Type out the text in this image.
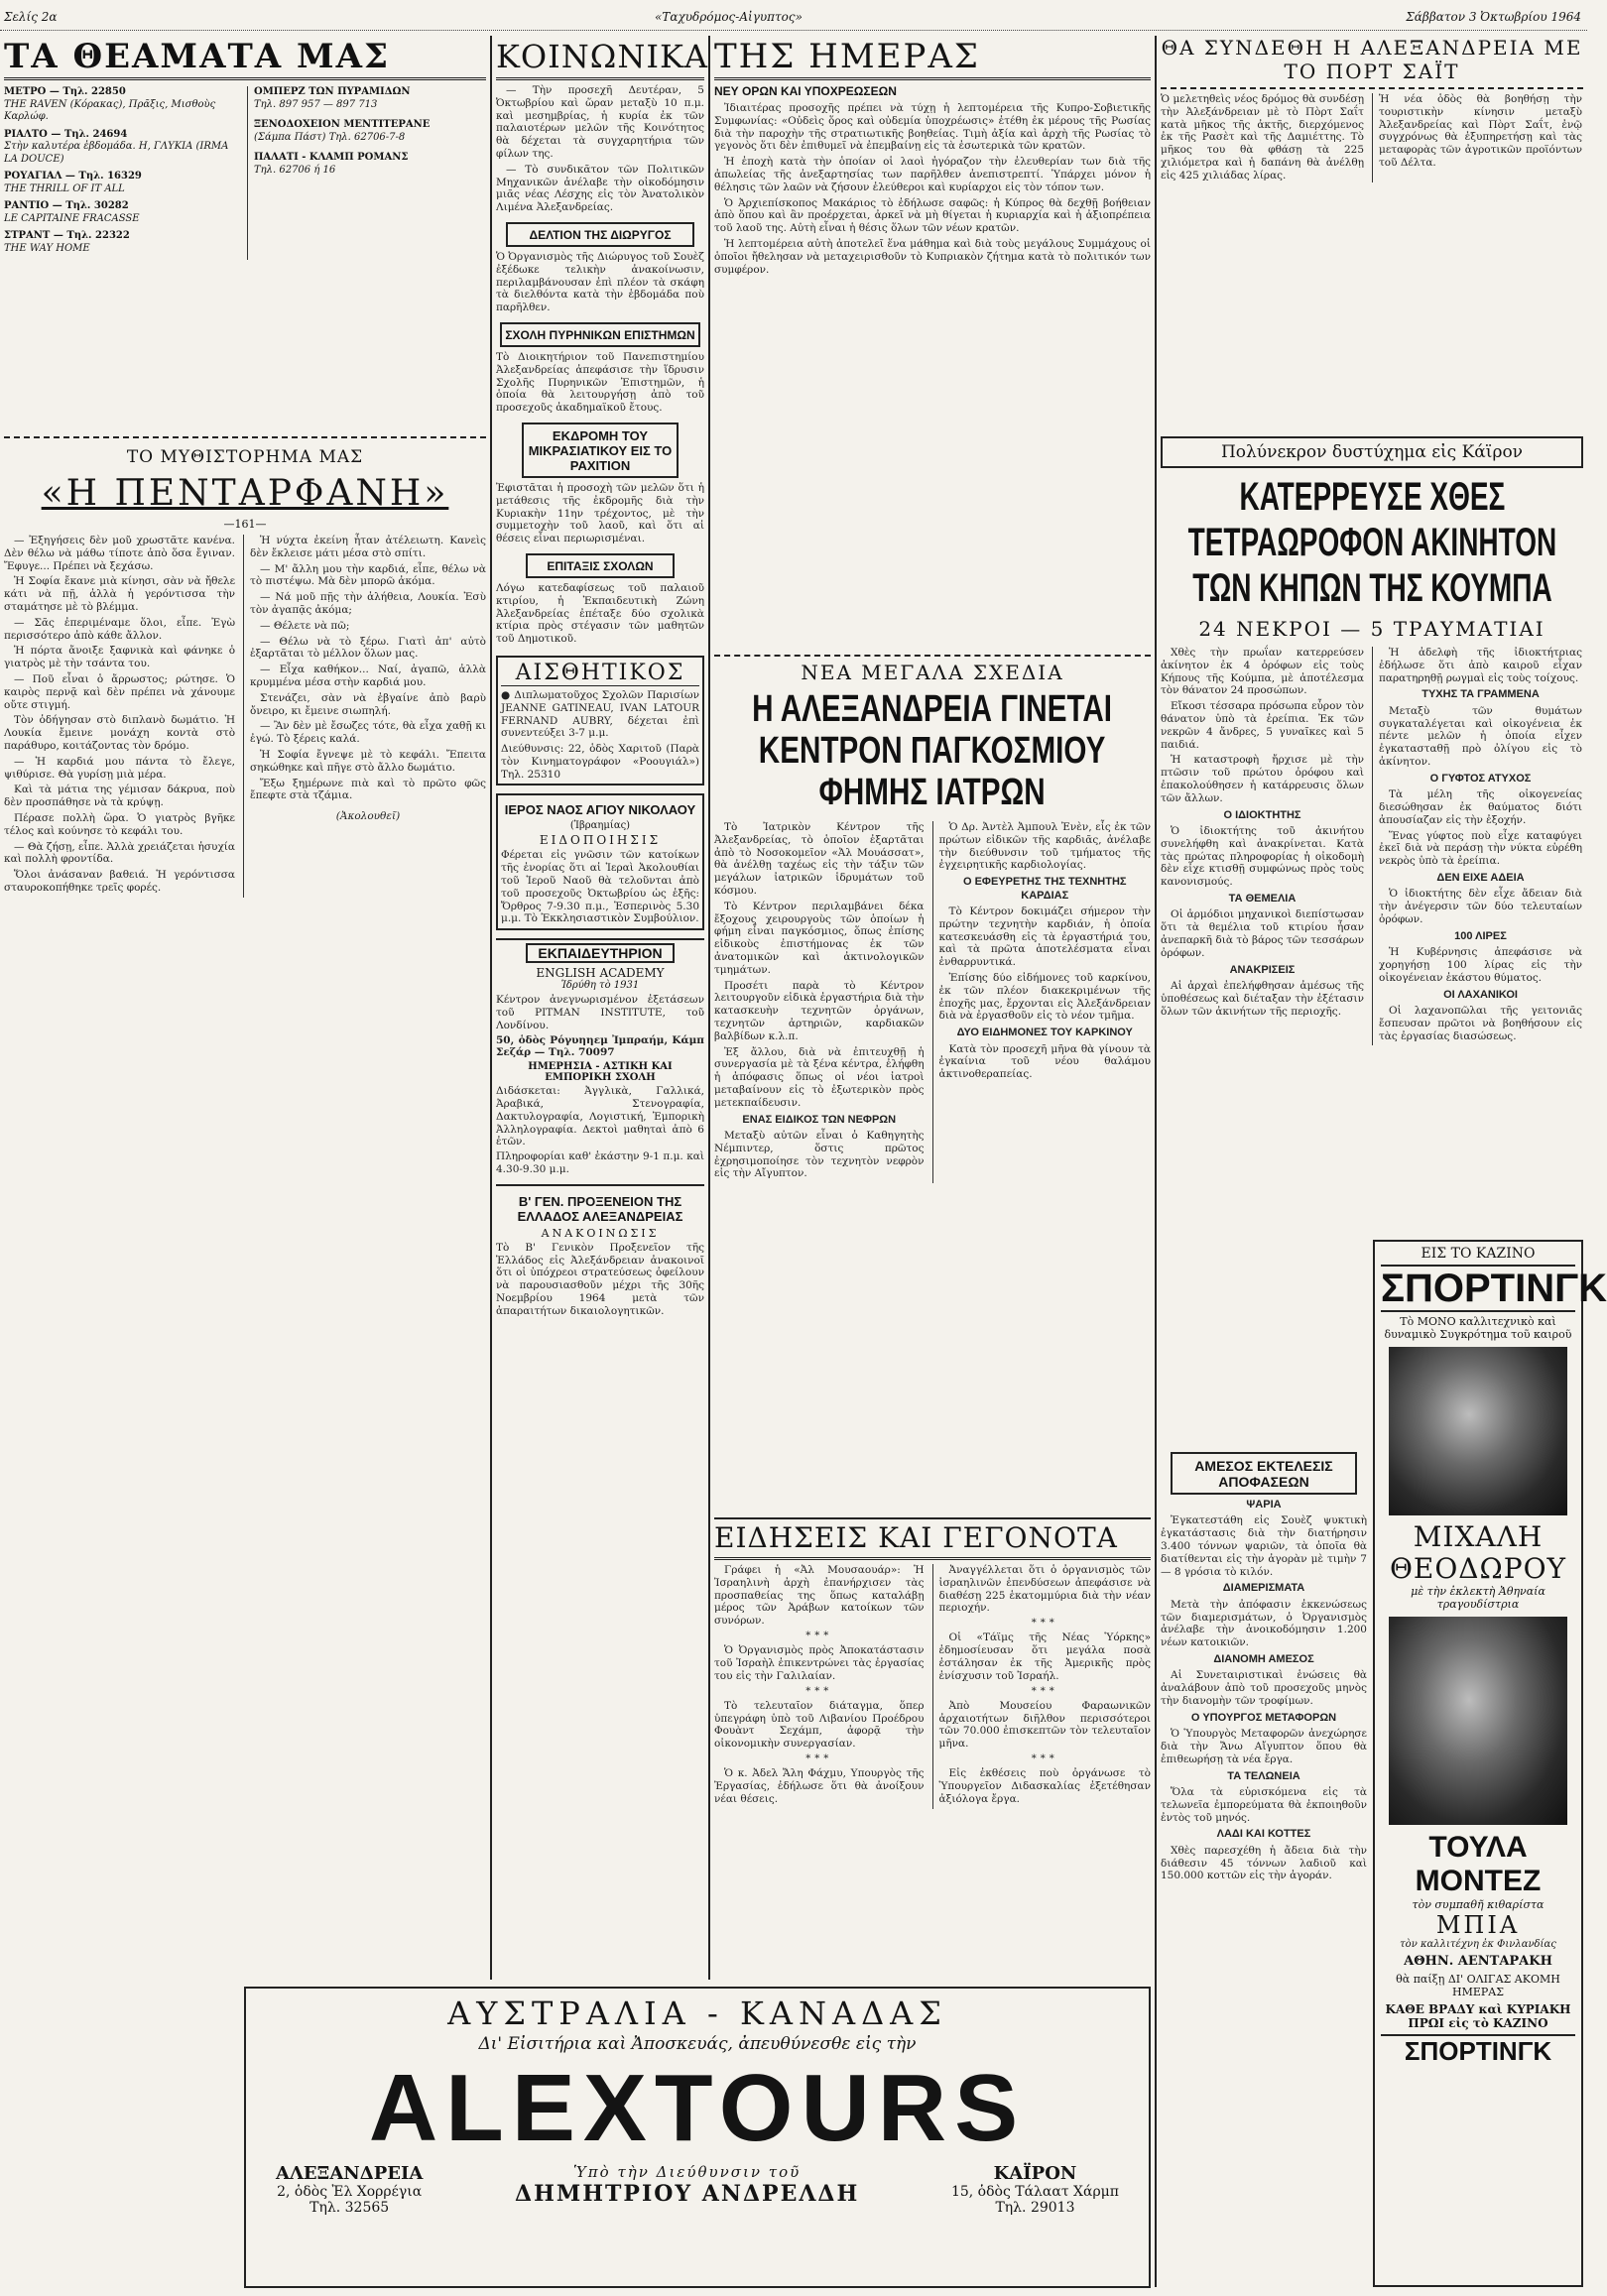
Σελίς 2α	«Ταχυδρόμος-Αἰγυπτος»	Σάββατον 3 Ὀκτωβρίου 1964
ΤΑ ΘΕΑΜΑΤΑ ΜΑΣ
ΜΕΤΡΟ — Τηλ. 22850
THE RAVEN (Κόρακας), Πρᾶξις, Μισθοὺς Καρλώφ.
ΡΙΑΛΤΟ — Τηλ. 24694
Στὴν καλυτέρα ἐβδομάδα. Η, ΓΛΥΚΙΑ (IRMA LA DOUCE)
ΡΟΥΑΓΙΑΛ — Τηλ. 16329
THE THRILL OF IT ALL
ΡΑΝΤΙΟ — Τηλ. 30282
LE CAPITAINE FRACASSE
ΣΤΡΑΝΤ — Τηλ. 22322
THE WAY HOME
ΟΜΠΕΡΖ ΤΩΝ ΠΥΡΑΜΙΔΩΝ
Τηλ. 897 957 — 897 713
ΞΕΝΟΔΟΧΕΙΟΝ ΜΕΝΤΙΤΕΡΑΝΕ
(Σάμπα Πάστ) Τηλ. 62706-7-8
ΠΑΛΑΤΙ - ΚΛΑΜΠ ΡΟΜΑΝΣ
Τηλ. 62706 ή 16
ΤΟ ΜΥΘΙΣΤΟΡΗΜΑ ΜΑΣ
«Η ΠΕΝΤΑΡΦΑΝΗ»
—161—

— Ἐξηγήσεις δὲν μοῦ χρωστᾶτε κανένα. Δὲν θέλω νὰ μάθω τίποτε ἀπὸ ὅσα ἔγιναν. Ἔφυγε... Πρέπει νὰ ξεχάσω.

Ἡ Σοφία ἔκανε μιὰ κίνησι, σὰν νὰ ἤθελε κάτι νὰ πῇ, ἀλλὰ ἡ γερόντισσα τὴν σταμάτησε μὲ τὸ βλέμμα.

— Σᾶς ἐπεριμέναμε ὅλοι, εἶπε. Ἐγὼ περισσότερο ἀπὸ κάθε ἄλλον.

Ἡ πόρτα ἄνοιξε ξαφνικὰ καὶ φάνηκε ὁ γιατρὸς μὲ τὴν τσάντα του.

— Ποῦ εἶναι ὁ ἄρρωστος; ρώτησε. Ὁ καιρὸς περνᾷ καὶ δὲν πρέπει νὰ χάνουμε οὔτε στιγμή.

Τὸν ὁδήγησαν στὸ διπλανὸ δωμάτιο. Ἡ Λουκία ἔμεινε μονάχη κοντὰ στὸ παράθυρο, κοιτάζοντας τὸν δρόμο.

— Ἡ καρδιά μου πάντα τὸ ἔλεγε, ψιθύρισε. Θὰ γυρίσῃ μιὰ μέρα.

Καὶ τὰ μάτια της γέμισαν δάκρυα, ποὺ δὲν προσπάθησε νὰ τὰ κρύψῃ.

Πέρασε πολλὴ ὥρα. Ὁ γιατρὸς βγῆκε τέλος καὶ κούνησε τὸ κεφάλι του.

— Θὰ ζήσῃ, εἶπε. Ἀλλὰ χρειάζεται ἡσυχία καὶ πολλὴ φροντίδα.

Ὅλοι ἀνάσαναν βαθειά. Ἡ γερόντισσα σταυροκοπήθηκε τρεῖς φορές.

Ἡ νύχτα ἐκείνη ἦταν ἀτέλειωτη. Κανεὶς δὲν ἔκλεισε μάτι μέσα στὸ σπίτι.

— Μ' ἄλλη μου τὴν καρδιά, εἶπε, θέλω νὰ τὸ πιστέψω. Μὰ δὲν μπορῶ ἀκόμα.

— Νά μοῦ πῇς τὴν ἀλήθεια, Λουκία. Ἐσὺ τὸν ἀγαπᾷς ἀκόμα;

— Θέλετε νὰ πῶ;

— Θέλω νὰ τὸ ξέρω. Γιατὶ ἀπ' αὐτὸ ἐξαρτᾶται τὸ μέλλον ὅλων μας.

— Εἶχα καθήκον... Ναί, ἀγαπῶ, ἀλλὰ κρυμμένα μέσα στὴν καρδιά μου.

Στενάζει, σὰν νὰ ἐβγαίνε ἀπὸ βαρὺ ὄνειρο, κι ἔμεινε σιωπηλή.

— Ἂν δὲν μὲ ἔσωζες τότε, θὰ εἶχα χαθῇ κι ἐγώ. Τὸ ξέρεις καλά.

Ἡ Σοφία ἔγνεψε μὲ τὸ κεφάλι. Ἔπειτα σηκώθηκε καὶ πῆγε στὸ ἄλλο δωμάτιο.

Ἔξω ξημέρωνε πιὰ καὶ τὸ πρῶτο φῶς ἔπεφτε στὰ τζάμια.

(Ἀκολουθεῖ)
ΚΟΙΝΩΝΙΚΑ

— Τὴν προσεχῆ Δευτέραν, 5 Ὀκτωβρίου καὶ ὥραν μεταξὺ 10 π.μ. καὶ μεσημβρίας, ἡ κυρία ἐκ τῶν παλαιοτέρων μελῶν τῆς Κοινότητος θὰ δέχεται τὰ συγχαρητήρια τῶν φίλων της.

— Τὸ συνδικᾶτον τῶν Πολιτικῶν Μηχανικῶν ἀνέλαβε τὴν οἰκοδόμησιν μιᾶς νέας Λέσχης εἰς τὸν Ἀνατολικὸν Λιμένα Ἀλεξανδρείας.

ΔΕΛΤΙΟΝ ΤΗΣ ΔΙΩΡΥΓΟΣ
Ὁ Ὀργανισμὸς τῆς Διώρυγος τοῦ Σουὲζ ἐξέδωκε τελικὴν ἀνακοίνωσιν, περιλαμβάνουσαν ἐπὶ πλέον τὰ σκάφη τὰ διελθόντα κατὰ τὴν ἑβδομάδα ποὺ παρῆλθεν.
ΣΧΟΛΗ ΠΥΡΗΝΙΚΩΝ ΕΠΙΣΤΗΜΩΝ
Τὸ Διοικητήριον τοῦ Πανεπιστημίου Ἀλεξανδρείας ἀπεφάσισε τὴν ἵδρυσιν Σχολῆς Πυρηνικῶν Ἐπιστημῶν, ἡ ὁποία θὰ λειτουργήσῃ ἀπὸ τοῦ προσεχοῦς ἀκαδημαϊκοῦ ἔτους.
ΕΚΔΡΟΜΗ ΤΟΥ ΜΙΚΡΑΣΙΑΤΙΚΟΥ ΕΙΣ ΤΟ ΡΑΧΙΤΙΟΝ
Ἐφιστᾶται ἡ προσοχὴ τῶν μελῶν ὅτι ἡ μετάθεσις τῆς ἐκδρομῆς διὰ τὴν Κυριακὴν 11ην τρέχοντος, μὲ τὴν συμμετοχὴν τοῦ λαοῦ, καὶ ὅτι αἱ θέσεις εἶναι περιωρισμέναι.
ΕΠΙΤΑΞΙΣ ΣΧΟΛΩΝ
Λόγω κατεδαφίσεως τοῦ παλαιοῦ κτιρίου, ἡ Ἐκπαιδευτικὴ Ζώνη Ἀλεξανδρείας ἐπέταξε δύο σχολικὰ κτίρια πρὸς στέγασιν τῶν μαθητῶν τοῦ Δημοτικοῦ.
ΑΙΣΘΗΤΙΚΟΣ
● Διπλωματοῦχος Σχολῶν Παρισίων JEANNE GATINEAU, IVAN LATOUR FERNAND AUBRY, δέχεται ἐπὶ συνεντεύξει 3-7 μ.μ.
Διεύθυνσις: 22, ὁδὸς Χαριτοῦ (Παρὰ τὸν Κινηματογράφον «Ροουγιάλ») Τηλ. 25310
ΙΕΡΟΣ ΝΑΟΣ ΑΓΙΟΥ ΝΙΚΟΛΑΟΥ
(Ἰβραημίας)
ΕΙΔΟΠΟΙΗΣΙΣ
Φέρεται εἰς γνῶσιν τῶν κατοίκων τῆς ἐνορίας ὅτι αἱ Ἱεραὶ Ἀκολουθίαι τοῦ Ἱεροῦ Ναοῦ θὰ τελοῦνται ἀπὸ τοῦ προσεχοῦς Ὀκτωβρίου ὡς ἑξῆς: Ὄρθρος 7-9.30 π.μ., Ἑσπερινὸς 5.30 μ.μ. Τὸ Ἐκκλησιαστικὸν Συμβούλιον.
ΕΚΠΑΙΔΕΥΤΗΡΙΟΝ
ENGLISH ACADEMY
Ἱδρύθη τὸ 1931
Κέντρον ἀνεγνωρισμένον ἐξετάσεων τοῦ PITMAN INSTITUTE, τοῦ Λονδίνου.
50, ὁδὸς Ρόγυηηεμ Ἰμπραήμ, Κάμπ Σεζάρ — Τηλ. 70097
ΗΜΕΡΗΣΙΑ - ΑΣΤΙΚΗ ΚΑΙ ΕΜΠΟΡΙΚΗ ΣΧΟΛΗ
Διδάσκεται: Ἀγγλικὰ, Γαλλικά, Ἀραβικά, Στενογραφία, Δακτυλογραφία, Λογιστική, Ἐμπορικὴ Ἀλληλογραφία. Δεκτοὶ μαθηταὶ ἀπὸ 6 ἐτῶν.
Πληροφορίαι καθ' ἑκάστην 9-1 π.μ. καὶ 4.30-9.30 μ.μ.
Β' ΓΕΝ. ΠΡΟΞΕΝΕΙΟΝ ΤΗΣ ΕΛΛΑΔΟΣ ΑΛΕΞΑΝΔΡΕΙΑΣ
ΑΝΑΚΟΙΝΩΣΙΣ
Τὸ Β' Γενικὸν Προξενεῖον τῆς Ἑλλάδος εἰς Ἀλεξάνδρειαν ἀνακοινοῖ ὅτι οἱ ὑπόχρεοι στρατεύσεως ὀφείλουν νὰ παρουσιασθοῦν μέχρι τῆς 30ῆς Νοεμβρίου 1964 μετὰ τῶν ἀπαραιτήτων δικαιολογητικῶν.
ΤΗΣ ΗΜΕΡΑΣ
ΝΕΥ ΟΡΩΝ ΚΑΙ ΥΠΟΧΡΕΩΣΕΩΝ

Ἰδιαιτέρας προσοχῆς πρέπει νὰ τύχῃ ἡ λεπτομέρεια τῆς Κυπρο-Σοβιετικῆς Συμφωνίας: «Οὐδεὶς ὅρος καὶ οὐδεμία ὑποχρέωσις» ἐτέθη ἐκ μέρους τῆς Ρωσίας διὰ τὴν παροχὴν τῆς στρατιωτικῆς βοηθείας. Τιμὴ ἀξία καὶ ἀρχὴ τῆς Ρωσίας τὸ γεγονὸς ὅτι δὲν ἐπιθυμεῖ νὰ ἐπεμβαίνῃ εἰς τὰ ἐσωτερικὰ τῶν κρατῶν.

Ἡ ἐποχὴ κατὰ τὴν ὁποίαν οἱ λαοὶ ἠγόραζον τὴν ἐλευθερίαν των διὰ τῆς ἀπωλείας τῆς ἀνεξαρτησίας των παρῆλθεν ἀνεπιστρεπτί. Ὑπάρχει μόνον ἡ θέλησις τῶν λαῶν νὰ ζήσουν ἐλεύθεροι καὶ κυρίαρχοι εἰς τὸν τόπον των.

Ὁ Ἀρχιεπίσκοπος Μακάριος τὸ ἐδήλωσε σαφῶς: ἡ Κύπρος θὰ δεχθῇ βοήθειαν ἀπὸ ὅπου καὶ ἂν προέρχεται, ἀρκεῖ νὰ μὴ θίγεται ἡ κυριαρχία καὶ ἡ ἀξιοπρέπεια τοῦ λαοῦ της. Αὐτὴ εἶναι ἡ θέσις ὅλων τῶν νέων κρατῶν.

Ἡ λεπτομέρεια αὐτὴ ἀποτελεῖ ἕνα μάθημα καὶ διὰ τοὺς μεγάλους Συμμάχους οἱ ὁποῖοι ἤθελησαν νὰ μεταχειρισθοῦν τὸ Κυπριακὸν ζήτημα κατὰ τὸ πολιτικόν των συμφέρον.

ΝΕΑ ΜΕΓΑΛΑ ΣΧΕΔΙΑ
Η ΑΛΕΞΑΝΔΡΕΙΑ ΓΙΝΕΤΑΙ ΚΕΝΤΡΟΝ ΠΑΓΚΟΣΜΙΟΥ ΦΗΜΗΣ ΙΑΤΡΩΝ

Τὸ Ἰατρικὸν Κέντρον τῆς Ἀλεξανδρείας, τὸ ὁποῖον ἐξαρτᾶται ἀπὸ τὸ Νοσοκομεῖον «Ἀλ Μουάσσατ», θὰ ἀνέλθῃ ταχέως εἰς τὴν τάξιν τῶν μεγάλων ἰατρικῶν ἱδρυμάτων τοῦ κόσμου.

Τὸ Κέντρον περιλαμβάνει δέκα ἔξοχους χειρουργοὺς τῶν ὁποίων ἡ φήμη εἶναι παγκόσμιος, ὅπως ἐπίσης εἰδικοὺς ἐπιστήμονας ἐκ τῶν ἀνατομικῶν καὶ ἀκτινολογικῶν τμημάτων.

Προσέτι παρὰ τὸ Κέντρον λειτουργοῦν εἰδικὰ ἐργαστήρια διὰ τὴν κατασκευὴν τεχνητῶν ὀργάνων, τεχνητῶν ἀρτηριῶν, καρδιακῶν βαλβίδων κ.λ.π.

Ἐξ ἄλλου, διὰ νὰ ἐπιτευχθῇ ἡ συνεργασία μὲ τὰ ξένα κέντρα, ἐλήφθη ἡ ἀπόφασις ὅπως οἱ νέοι ἰατροὶ μεταβαίνουν εἰς τὸ ἐξωτερικὸν πρὸς μετεκπαίδευσιν.

ΕΝΑΣ ΕΙΔΙΚΟΣ ΤΩΝ ΝΕΦΡΩΝ

Μεταξὺ αὐτῶν εἶναι ὁ Καθηγητὴς Νέμπιντερ, ὅστις πρῶτος ἐχρησιμοποίησε τὸν τεχνητὸν νεφρὸν εἰς τὴν Αἴγυπτον.

Ὁ Δρ. Ἀντὲλ Ἀμπουλ Ἐνὲν, εἷς ἐκ τῶν πρώτων εἰδικῶν τῆς καρδιᾶς, ἀνέλαβε τὴν διεύθυνσιν τοῦ τμήματος τῆς ἐγχειρητικῆς καρδιολογίας.

Ο ΕΦΕΥΡΕΤΗΣ ΤΗΣ ΤΕΧΝΗΤΗΣ ΚΑΡΔΙΑΣ

Τὸ Κέντρον δοκιμάζει σήμερον τὴν πρώτην τεχνητὴν καρδιάν, ἡ ὁποία κατεσκευάσθη εἰς τὰ ἐργαστήριά του, καὶ τὰ πρῶτα ἀποτελέσματα εἶναι ἐνθαρρυντικά.

Ἐπίσης δύο εἰδήμονες τοῦ καρκίνου, ἐκ τῶν πλέον διακεκριμένων τῆς ἐποχῆς μας, ἔρχονται εἰς Ἀλεξάνδρειαν διὰ νὰ ἐργασθοῦν εἰς τὸ νέον τμῆμα.

ΔΥΟ ΕΙΔΗΜΟΝΕΣ ΤΟΥ ΚΑΡΚΙΝΟΥ

Κατὰ τὸν προσεχῆ μῆνα θὰ γίνουν τὰ ἐγκαίνια τοῦ νέου θαλάμου ἀκτινοθεραπείας.

ΕΙΔΗΣΕΙΣ ΚΑΙ ΓΕΓΟΝΟΤΑ

Γράφει ἡ «Ἀλ Μουσαουάρ»: Ἡ Ἰσραηλινὴ ἀρχὴ ἐπανήρχισεν τὰς προσπαθείας της ὅπως καταλάβῃ μέρος τῶν Ἀράβων κατοίκων τῶν συνόρων.

***

Ὁ Ὀργανισμὸς πρὸς Ἀποκατάστασιν τοῦ Ἰσραὴλ ἐπικεντρώνει τὰς ἐργασίας του εἰς τὴν Γαλιλαίαν.

***

Τὸ τελευταῖον διάταγμα, ὅπερ ὑπεγράφη ὑπὸ τοῦ Λιβανίου Προέδρου Φουὰντ Σεχάμπ, ἀφορᾷ τὴν οἰκονομικὴν συνεργασίαν.

***

Ὁ κ. Ἀδελ Ἄλη Φάχμυ, Υπουργὸς τῆς Ἐργασίας, ἐδήλωσε ὅτι θὰ ἀνοίξουν νέαι θέσεις.

Ἀναγγέλλεται ὅτι ὁ ὀργανισμὸς τῶν ἰσραηλινῶν ἐπενδύσεων ἀπεφάσισε νὰ διαθέσῃ 225 ἑκατομμύρια διὰ τὴν νέαν περιοχήν.

***

Οἱ «Τάϊμς τῆς Νέας Ὑόρκης» ἐδημοσίευσαν ὅτι μεγάλα ποσὰ ἐστάλησαν ἐκ τῆς Ἀμερικῆς πρὸς ἐνίσχυσιν τοῦ Ἰσραήλ.

***

Ἀπὸ Μουσείου Φαραωνικῶν ἀρχαιοτήτων διῆλθον περισσότεροι τῶν 70.000 ἐπισκεπτῶν τὸν τελευταῖον μῆνα.

***

Εἰς ἐκθέσεις ποὺ ὀργάνωσε τὸ Ὑπουργεῖον Διδασκαλίας ἐξετέθησαν ἀξιόλογα ἔργα.

ΑΥΣΤΡΑΛΙΑ - ΚΑΝΑΔΑΣ
Δι' Εἰσιτήρια καὶ Ἀποσκευάς, ἀπευθύνεσθε εἰς τὴν
ALEXTOURS
ΑΛΕΞΑΝΔΡΕΙΑ
2, ὁδὸς Ἐλ Χορρέγια
Τηλ. 32565
Ὑπὸ τὴν Διεύθυνσιν τοῦ
ΔΗΜΗΤΡΙΟΥ ΑΝΔΡΕΛΔΗ
ΚΑΪΡΟΝ
15, ὁδὸς Τάλαατ Χάρμπ
Τηλ. 29013
ΘΑ ΣΥΝΔΕΘΗ Η ΑΛΕΞΑΝΔΡΕΙΑ ΜΕ ΤΟ ΠΟΡΤ ΣΑΪΤ
Ὁ μελετηθεὶς νέος δρόμος θὰ συνδέσῃ τὴν Ἀλεξάνδρειαν μὲ τὸ Πὸρτ Σαΐτ κατὰ μῆκος τῆς ἀκτῆς, διερχόμενος ἐκ τῆς Ρασὲτ καὶ τῆς Δαμιέττης. Τὸ μῆκος του θὰ φθάσῃ τὰ 225 χιλιόμετρα καὶ ἡ δαπάνη θὰ ἀνέλθῃ εἰς 425 χιλιάδας λίρας.
Ἡ νέα ὁδὸς θὰ βοηθήσῃ τὴν τουριστικὴν κίνησιν μεταξὺ Ἀλεξανδρείας καὶ Πὸρτ Σαΐτ, ἐνῷ συγχρόνως θὰ ἐξυπηρετήσῃ καὶ τὰς μεταφορὰς τῶν ἀγροτικῶν προϊόντων τοῦ Δέλτα.
Πολύνεκρον δυστύχημα εἰς Κάϊρον
ΚΑΤΕΡΡΕΥΣΕ ΧΘΕΣ ΤΕΤΡΑΩΡΟΦΟΝ ΑΚΙΝΗΤΟΝ ΤΩΝ ΚΗΠΩΝ ΤΗΣ ΚΟΥΜΠΑ
24 ΝΕΚΡΟΙ — 5 ΤΡΑΥΜΑΤΙΑΙ

Χθὲς τὴν πρωΐαν κατερρεύσεν ἀκίνητον ἐκ 4 ὀρόφων εἰς τοὺς Κήπους τῆς Κούμπα, μὲ ἀποτέλεσμα τὸν θάνατον 24 προσώπων.

Εἴκοσι τέσσαρα πρόσωπα εὗρον τὸν θάνατον ὑπὸ τὰ ἐρείπια. Ἐκ τῶν νεκρῶν 4 ἄνδρες, 5 γυναῖκες καὶ 5 παιδιά.

Ἡ καταστροφὴ ἤρχισε μὲ τὴν πτῶσιν τοῦ πρώτου ὀρόφου καὶ ἐπακολούθησεν ἡ κατάρρευσις ὅλων τῶν ἄλλων.

Ο ΙΔΙΟΚΤΗΤΗΣ

Ὁ ἰδιοκτήτης τοῦ ἀκινήτου συνελήφθη καὶ ἀνακρίνεται. Κατὰ τὰς πρώτας πληροφορίας ἡ οἰκοδομὴ δὲν εἶχε κτισθῇ συμφώνως πρὸς τοὺς κανονισμούς.

ΤΑ ΘΕΜΕΛΙΑ

Οἱ ἁρμόδιοι μηχανικοὶ διεπίστωσαν ὅτι τὰ θεμέλια τοῦ κτιρίου ἦσαν ἀνεπαρκῆ διὰ τὸ βάρος τῶν τεσσάρων ὀρόφων.

ΑΝΑΚΡΙΣΕΙΣ

Αἱ ἀρχαὶ ἐπελήφθησαν ἀμέσως τῆς ὑποθέσεως καὶ διέταξαν τὴν ἐξέτασιν ὅλων τῶν ἀκινήτων τῆς περιοχῆς.

Ἡ ἀδελφὴ τῆς ἰδιοκτήτριας ἐδήλωσε ὅτι ἀπὸ καιροῦ εἶχαν παρατηρηθῇ ρωγμαὶ εἰς τοὺς τοίχους.

ΤΥΧΗΣ ΤΑ ΓΡΑΜΜΕΝΑ

Μεταξὺ τῶν θυμάτων συγκαταλέγεται καὶ οἰκογένεια ἐκ πέντε μελῶν ἡ ὁποία εἶχεν ἐγκατασταθῇ πρὸ ὀλίγου εἰς τὸ ἀκίνητον.

Ο ΓΥΦΤΟΣ ΑΤΥΧΟΣ

Τὰ μέλη τῆς οἰκογενείας διεσώθησαν ἐκ θαύματος διότι ἀπουσίαζαν εἰς τὴν ἐξοχήν.

Ἕνας γύφτος ποὺ εἶχε καταφύγει ἐκεῖ διὰ νὰ περάσῃ τὴν νύκτα εὑρέθη νεκρὸς ὑπὸ τὰ ἐρείπια.

ΔΕΝ ΕΙΧΕ ΑΔΕΙΑ

Ὁ ἰδιοκτήτης δὲν εἶχε ἄδειαν διὰ τὴν ἀνέγερσιν τῶν δύο τελευταίων ὀρόφων.

100 ΛΙΡΕΣ

Ἡ Κυβέρνησις ἀπεφάσισε νὰ χορηγήσῃ 100 λίρας εἰς τὴν οἰκογένειαν ἑκάστου θύματος.

ΟΙ ΛΑΧΑΝΙΚΟΙ

Οἱ λαχανοπῶλαι τῆς γειτονιᾶς ἔσπευσαν πρῶτοι νὰ βοηθήσουν εἰς τὰς ἐργασίας διασώσεως.

ΑΜΕΣΟΣ ΕΚΤΕΛΕΣΙΣ ΑΠΟΦΑΣΕΩΝ
ΨΑΡΙΑ

Ἐγκατεστάθη εἰς Σουὲζ ψυκτικὴ ἐγκατάστασις διὰ τὴν διατήρησιν 3.400 τόννων ψαριῶν, τὰ ὁποῖα θὰ διατίθενται εἰς τὴν ἀγορὰν μὲ τιμὴν 7 — 8 γρόσια τὸ κιλόν.

ΔΙΑΜΕΡΙΣΜΑΤΑ

Μετὰ τὴν ἀπόφασιν ἐκκενώσεως τῶν διαμερισμάτων, ὁ Ὀργανισμὸς ἀνέλαβε τὴν ἀνοικοδόμησιν 1.200 νέων κατοικιῶν.

ΔΙΑΝΟΜΗ ΑΜΕΣΟΣ

Αἱ Συνεταιριστικαὶ ἑνώσεις θὰ ἀναλάβουν ἀπὸ τοῦ προσεχοῦς μηνὸς τὴν διανομὴν τῶν τροφίμων.

Ο ΥΠΟΥΡΓΟΣ ΜΕΤΑΦΟΡΩΝ

Ὁ Ὑπουργὸς Μεταφορῶν ἀνεχώρησε διὰ τὴν Ἄνω Αἴγυπτον ὅπου θὰ ἐπιθεωρήσῃ τὰ νέα ἔργα.

ΤΑ ΤΕΛΩΝΕΙΑ

Ὅλα τὰ εὑρισκόμενα εἰς τὰ τελωνεῖα ἐμπορεύματα θὰ ἐκποιηθοῦν ἐντὸς τοῦ μηνός.

ΛΑΔΙ ΚΑΙ ΚΟΤΤΕΣ

Χθὲς παρεσχέθη ἡ ἄδεια διὰ τὴν διάθεσιν 45 τόννων λαδιοῦ καὶ 150.000 κοττῶν εἰς τὴν ἀγοράν.

ΕΙΣ ΤΟ ΚΑΖΙΝΟ
ΣΠΟΡΤΙΝΓΚ
Τὸ ΜΟΝΟ καλλιτεχνικὸ καὶ δυναμικὸ Συγκρότημα τοῦ καιροῦ
ΜΙΧΑΛΗ ΘΕΟΔΩΡΟΥ
μὲ τὴν ἐκλεκτὴ Ἀθηναία τραγουδίστρια
ΤΟΥΛΑ ΜΟΝΤΕΖ
τὸν συμπαθῆ κιθαρίστα
ΜΠΙΑ
τὸν καλλιτέχνη ἐκ Φινλανδίας
ΑΘΗΝ. ΑΕΝΤΑΡΑΚΗ
θὰ παίξῃ ΔΙ' ΟΛΙΓΑΣ ΑΚΟΜΗ ΗΜΕΡΑΣ
ΚΑΘΕ ΒΡΑΔΥ καὶ ΚΥΡΙΑΚΗ ΠΡΩΙ εἰς τὸ ΚΑΖΙΝΟ
ΣΠΟΡΤΙΝΓΚ
